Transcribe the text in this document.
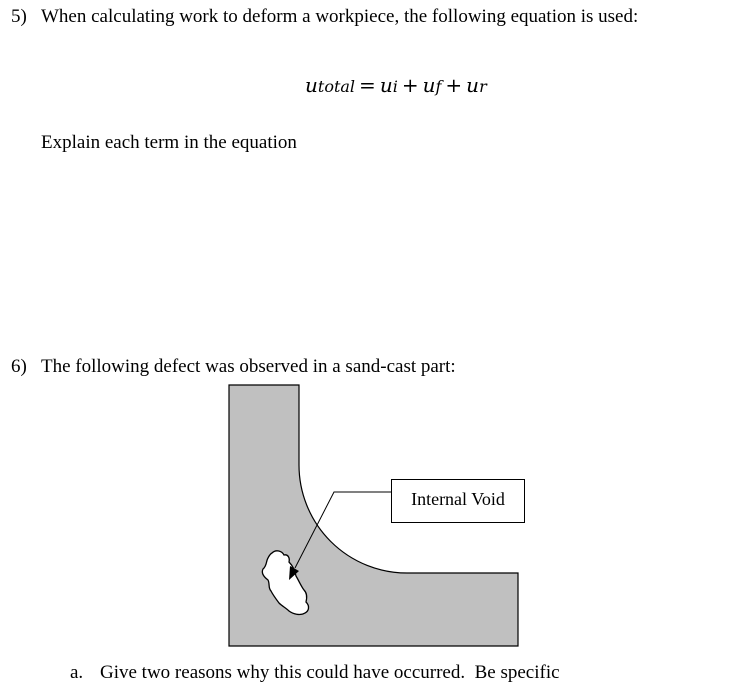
5) When calculating work to deform a workpiece, the following equation is used:
utotal = ui + uf + ur
Explain each term in the equation
6) The following defect was observed in a sand-cast part:
Internal Void
a. Give two reasons why this could have occurred.  Be specific
